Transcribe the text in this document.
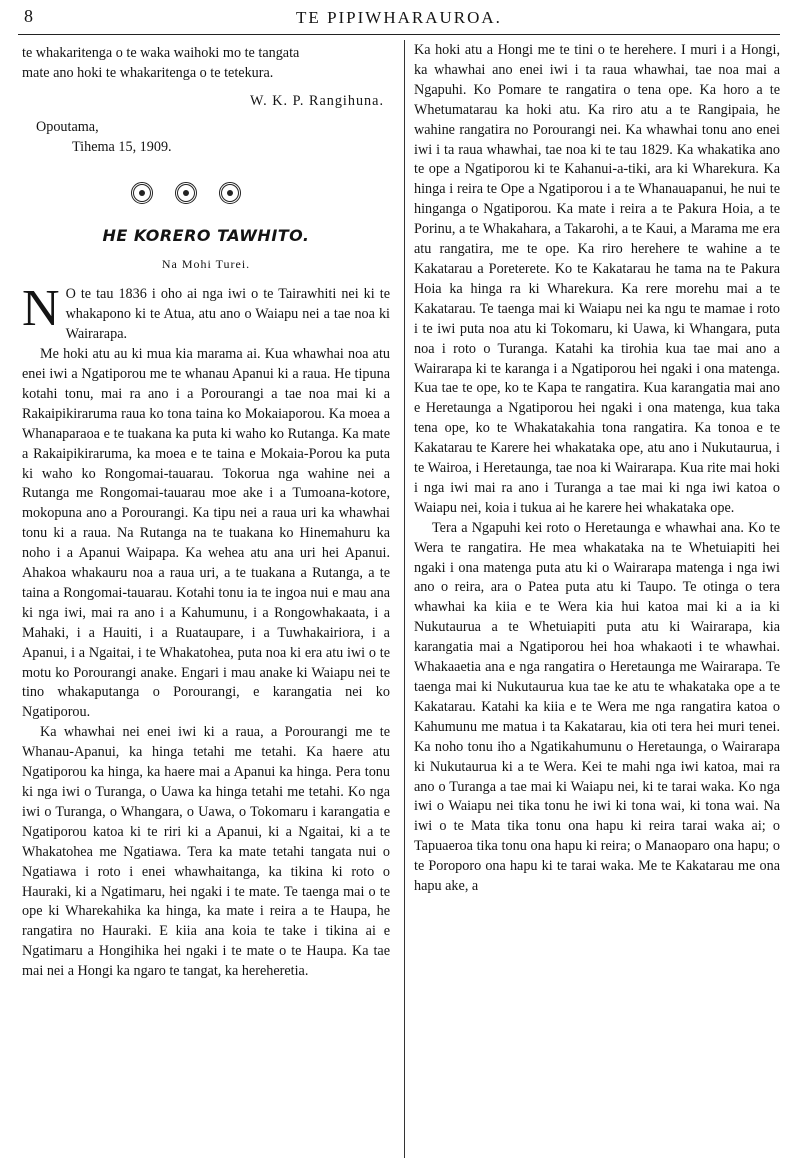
8	TE PIPIWHARAUROA.

te whakaritenga o te waka waihoki mo te tangata

mate ano hoki te whakaritenga o te tetekura.

W. K. P. Rangihuna.

Opoutama,

Tihema 15, 1909.

HE KORERO TAWHITO.

Na Mohi Turei.

N O te tau 1836 i oho ai nga iwi o te Tairawhiti nei ki te whakapono ki te Atua, atu ano o Waiapu nei a tae noa ki Wairarapa.

Me hoki atu au ki mua kia marama ai. Kua whawhai noa atu enei iwi a Ngatiporou me te whanau Apanui ki a raua. He tipuna kotahi tonu, mai ra ano i a Porourangi a tae noa mai ki a Rakaipikiraruma raua ko tona taina ko Mokaiaporou. Ka moea a Whanaparaoa e te tuakana ka puta ki waho ko Rutanga. Ka mate a Rakaipikiraruma, ka moea e te taina e Mokaia-Porou ka puta ki waho ko Rongomai-tauarau. Tokorua nga wahine nei a Rutanga me Rongomai-tauarau moe ake i a Tumoana-kotore, mokopuna ano a Porourangi. Ka tipu nei a raua uri ka whawhai tonu ki a raua. Na Rutanga na te tuakana ko Hinemahuru ka noho i a Apanui Waipapa. Ka wehea atu ana uri hei Apanui. Ahakoa whakauru noa a raua uri, a te tuakana a Rutanga, a te taina a Rongomai-tauarau. Kotahi tonu ia te ingoa nui e mau ana ki nga iwi, mai ra ano i a Kahumunu, i a Rongowhakaata, i a Mahaki, i a Hauiti, i a Ruataupare, i a Tuwhakairiora, i a Apanui, i a Ngaitai, i te Whakatohea, puta noa ki era atu iwi o te motu ko Porourangi anake. Engari i mau anake ki Waiapu nei te tino whakaputanga o Porourangi, e karangatia nei ko Ngatiporou.

Ka whawhai nei enei iwi ki a raua, a Porourangi me te Whanau-Apanui, ka hinga tetahi me tetahi. Ka haere atu Ngatiporou ka hinga, ka haere mai a Apanui ka hinga. Pera tonu ki nga iwi o Turanga, o Uawa ka hinga tetahi me tetahi. Ko nga iwi o Turanga, o Whangara, o Uawa, o Tokomaru i karangatia e Ngatiporou katoa ki te riri ki a Apanui, ki a Ngaitai, ki a te Whakatohea me Ngatiawa. Tera ka mate tetahi tangata nui o Ngatiawa i roto i enei whawhaitanga, ka tikina ki roto o Hauraki, ki a Ngatimaru, hei ngaki i te mate. Te taenga mai o te ope ki Wharekahika ka hinga, ka mate i reira a te Haupa, he rangatira no Hauraki. E kiia ana koia te take i tikina ai e Ngatimaru a Hongihika hei ngaki i te mate o te Haupa. Ka tae mai nei a Hongi ka ngaro te tangat, ka hereheretia.

Ka hoki atu a Hongi me te tini o te herehere. I muri i a Hongi, ka whawhai ano enei iwi i ta raua whawhai, tae noa mai a Ngapuhi. Ko Pomare te rangatira o tena ope. Ka horo a te Whetumatarau ka hoki atu. Ka riro atu a te Rangipaia, he wahine rangatira no Porourangi nei. Ka whawhai tonu ano enei iwi i ta raua whawhai, tae noa ki te tau 1829. Ka whakatika ano te ope a Ngatiporou ki te Kahanui-a-tiki, ara ki Wharekura. Ka hinga i reira te Ope a Ngatiporou i a te Whanauapanui, he nui te hinganga o Ngatiporou. Ka mate i reira a te Pakura Hoia, a te Porinu, a te Whakahara, a Takarohi, a te Kaui, a Marama me era atu rangatira, me te ope. Ka riro herehere te wahine a te Kakatarau a Poreterete. Ko te Kakatarau he tama na te Pakura Hoia ka hinga ra ki Wharekura. Ka rere morehu mai a te Kakatarau. Te taenga mai ki Waiapu nei ka ngu te mamae i roto i te iwi puta noa atu ki Tokomaru, ki Uawa, ki Whangara, puta noa i roto o Turanga. Katahi ka tirohia kua tae mai ano a Wairarapa ki te karanga i a Ngatiporou hei ngaki i ona matenga. Kua tae te ope, ko te Kapa te rangatira. Kua karangatia mai ano e Heretaunga a Ngatiporou hei ngaki i ona matenga, kua taka tena ope, ko te Whakatakahia tona rangatira. Ka tonoa e te Kakatarau te Karere hei whakataka ope, atu ano i Nukutaurua, i te Wairoa, i Heretaunga, tae noa ki Wairarapa. Kua rite mai hoki i nga iwi mai ra ano i Turanga a tae mai ki nga iwi katoa o Waiapu nei, koia i tukua ai he karere hei whakataka ope.

Tera a Ngapuhi kei roto o Heretaunga e whawhai ana. Ko te Wera te rangatira. He mea whakataka na te Whetuiapiti hei ngaki i ona matenga puta atu ki o Wairarapa matenga i nga iwi ano o reira, ara o Patea puta atu ki Taupo. Te otinga o tera whawhai ka kiia e te Wera kia hui katoa mai ki a ia ki Nukutaurua a te Whetuiapiti puta atu ki Wairarapa, kia karangatia mai a Ngatiporou hei hoa whakaoti i te whawhai. Whakaaetia ana e nga rangatira o Heretaunga me Wairarapa. Te taenga mai ki Nukutaurua kua tae ke atu te whakataka ope a te Kakatarau. Katahi ka kiia e te Wera me nga rangatira katoa o Kahumunu me matua i ta Kakatarau, kia oti tera hei muri tenei. Ka noho tonu iho a Ngatikahumunu o Heretaunga, o Wairarapa ki Nukutaurua ki a te Wera. Kei te mahi nga iwi katoa, mai ra ano o Turanga a tae mai ki Waiapu nei, ki te tarai waka. Ko nga iwi o Waiapu nei tika tonu he iwi ki tona wai, ki tona wai. Na iwi o te Mata tika tonu ona hapu ki reira tarai waka ai; o Tapuaeroa tika tonu ona hapu ki reira; o Manaoparo ona hapu; o te Poroporo ona hapu ki te tarai waka. Me te Kakatarau me ona hapu ake, a
